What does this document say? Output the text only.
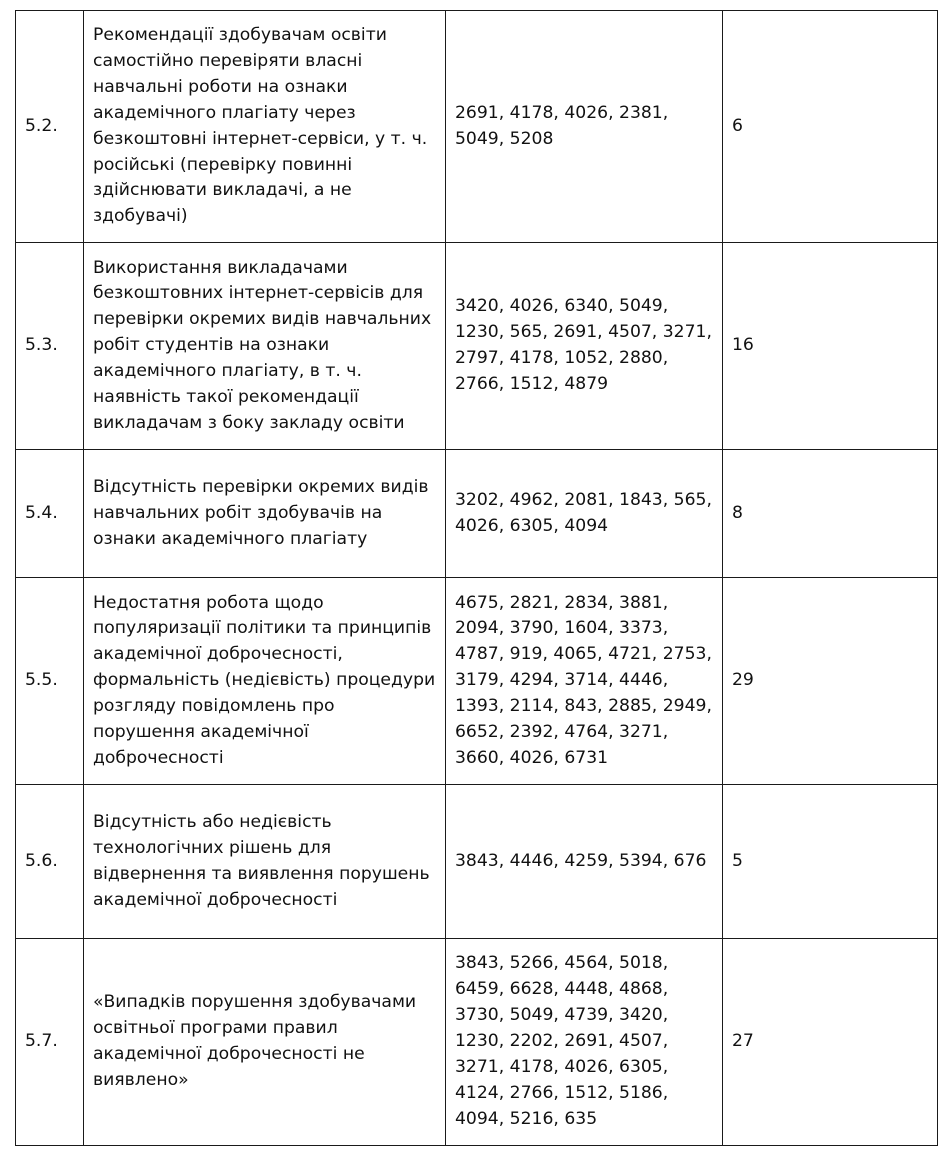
5.2.	Рекомендації здобувачам освіти самостійно перевіряти власні навчальні роботи на ознаки академічного плагіату через безкоштовні інтернет-сервіси, у т. ч. російські (перевірку повинні здійснювати викладачі, а не здобувачі)	2691, 4178, 4026, 2381, 5049, 5208	6
5.3.	Використання викладачами безкоштовних інтернет-сервісів для перевірки окремих видів навчальних робіт студентів на ознаки академічного плагіату, в т. ч. наявність такої рекомендації викладачам з боку закладу освіти	3420, 4026, 6340, 5049, 1230, 565, 2691, 4507, 3271, 2797, 4178, 1052, 2880, 2766, 1512, 4879	16
5.4.	Відсутність перевірки окремих видів навчальних робіт здобувачів на ознаки академічного плагіату	3202, 4962, 2081, 1843, 565, 4026, 6305, 4094	8
5.5.	Недостатня робота щодо популяризації політики та принципів академічної доброчесності, формальність (недієвість) процедури розгляду повідомлень про порушення академічної доброчесності	4675, 2821, 2834, 3881, 2094, 3790, 1604, 3373, 4787, 919, 4065, 4721, 2753, 3179, 4294, 3714, 4446, 1393, 2114, 843, 2885, 2949, 6652, 2392, 4764, 3271, 3660, 4026, 6731	29
5.6.	Відсутність або недієвість технологічних рішень для відвернення та виявлення порушень академічної доброчесності	3843, 4446, 4259, 5394, 676	5
5.7.	«Випадків порушення здобувачами освітньої програми правил академічної доброчесності не виявлено»	3843, 5266, 4564, 5018, 6459, 6628, 4448, 4868, 3730, 5049, 4739, 3420, 1230, 2202, 2691, 4507, 3271, 4178, 4026, 6305, 4124, 2766, 1512, 5186, 4094, 5216, 635	27
